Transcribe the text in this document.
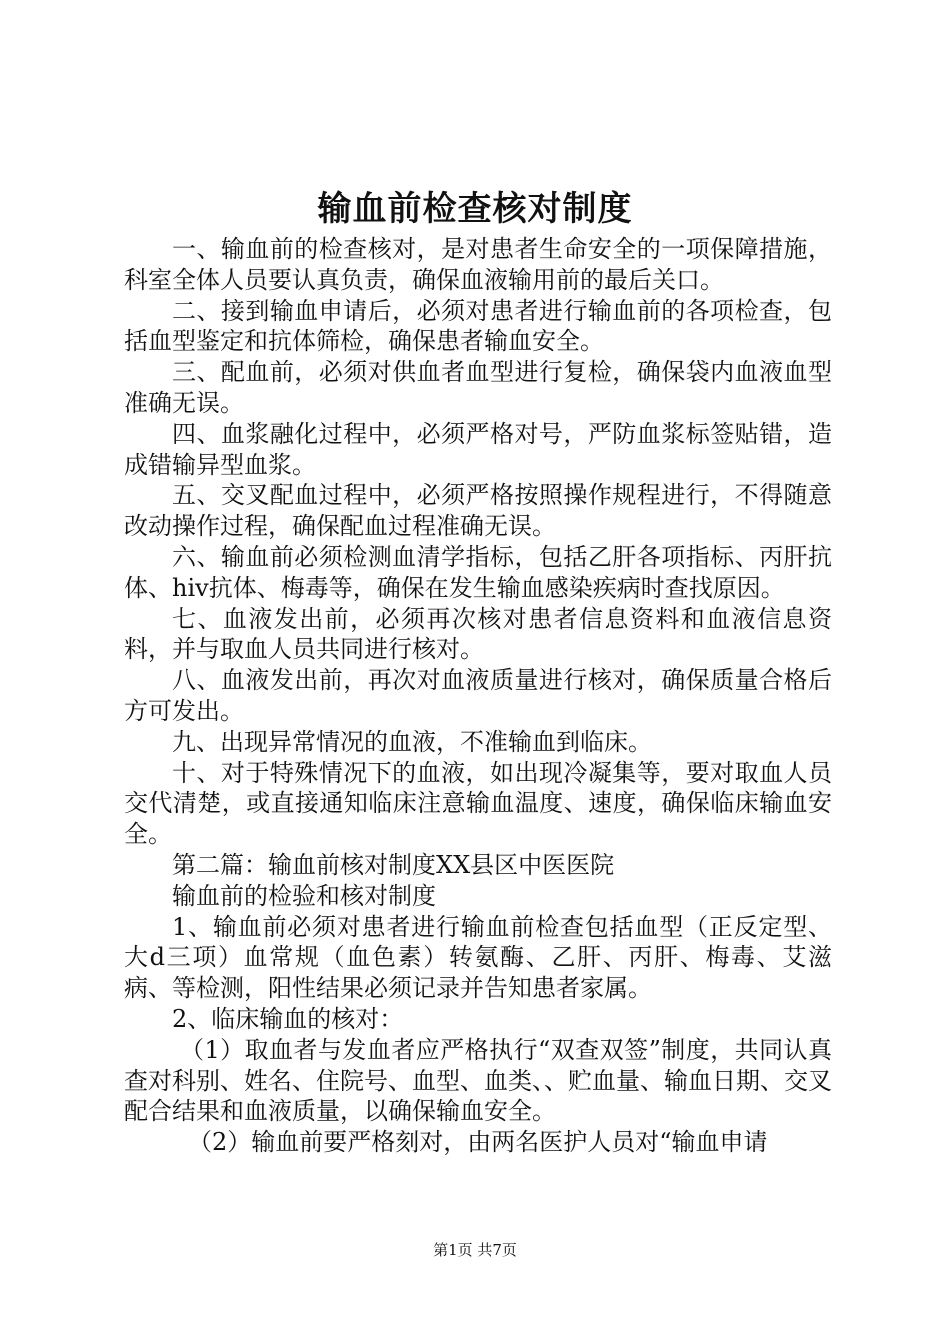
输血前检查核对制度

一、输血前的检查核对，是对患者生命安全的一项保障措施，科室全体人员要认真负责，确保血液输用前的最后关口。

二、接到输血申请后，必须对患者进行输血前的各项检查，包括血型鉴定和抗体筛检，确保患者输血安全。

三、配血前，必须对供血者血型进行复检，确保袋内血液血型准确无误。

四、血浆融化过程中，必须严格对号，严防血浆标签贴错，造成错输异型血浆。

五、交叉配血过程中，必须严格按照操作规程进行，不得随意改动操作过程，确保配血过程准确无误。

六、输血前必须检测血清学指标，包括乙肝各项指标、丙肝抗体、hiv抗体、梅毒等，确保在发生输血感染疾病时查找原因。

七、血液发出前，必须再次核对患者信息资料和血液信息资料，并与取血人员共同进行核对。

八、血液发出前，再次对血液质量进行核对，确保质量合格后方可发出。

九、出现异常情况的血液，不准输血到临床。

十、对于特殊情况下的血液，如出现冷凝集等，要对取血人员交代清楚，或直接通知临床注意输血温度、速度，确保临床输血安全。

第二篇：输血前核对制度XX县区中医医院

输血前的检验和核对制度

1、输血前必须对患者进行输血前检查包括血型（正反定型、大d三项）血常规（血色素）转氨酶、乙肝、丙肝、梅毒、艾滋病、等检测，阳性结果必须记录并告知患者家属。

2、临床输血的核对：

（1）取血者与发血者应严格执行“双查双签”制度，共同认真查对科别、姓名、住院号、血型、血类、、贮血量、输血日期、交叉配合结果和血液质量，以确保输血安全。

（2）输血前要严格刻对，由两名医护人员对“输血申请

第1页 共7页
